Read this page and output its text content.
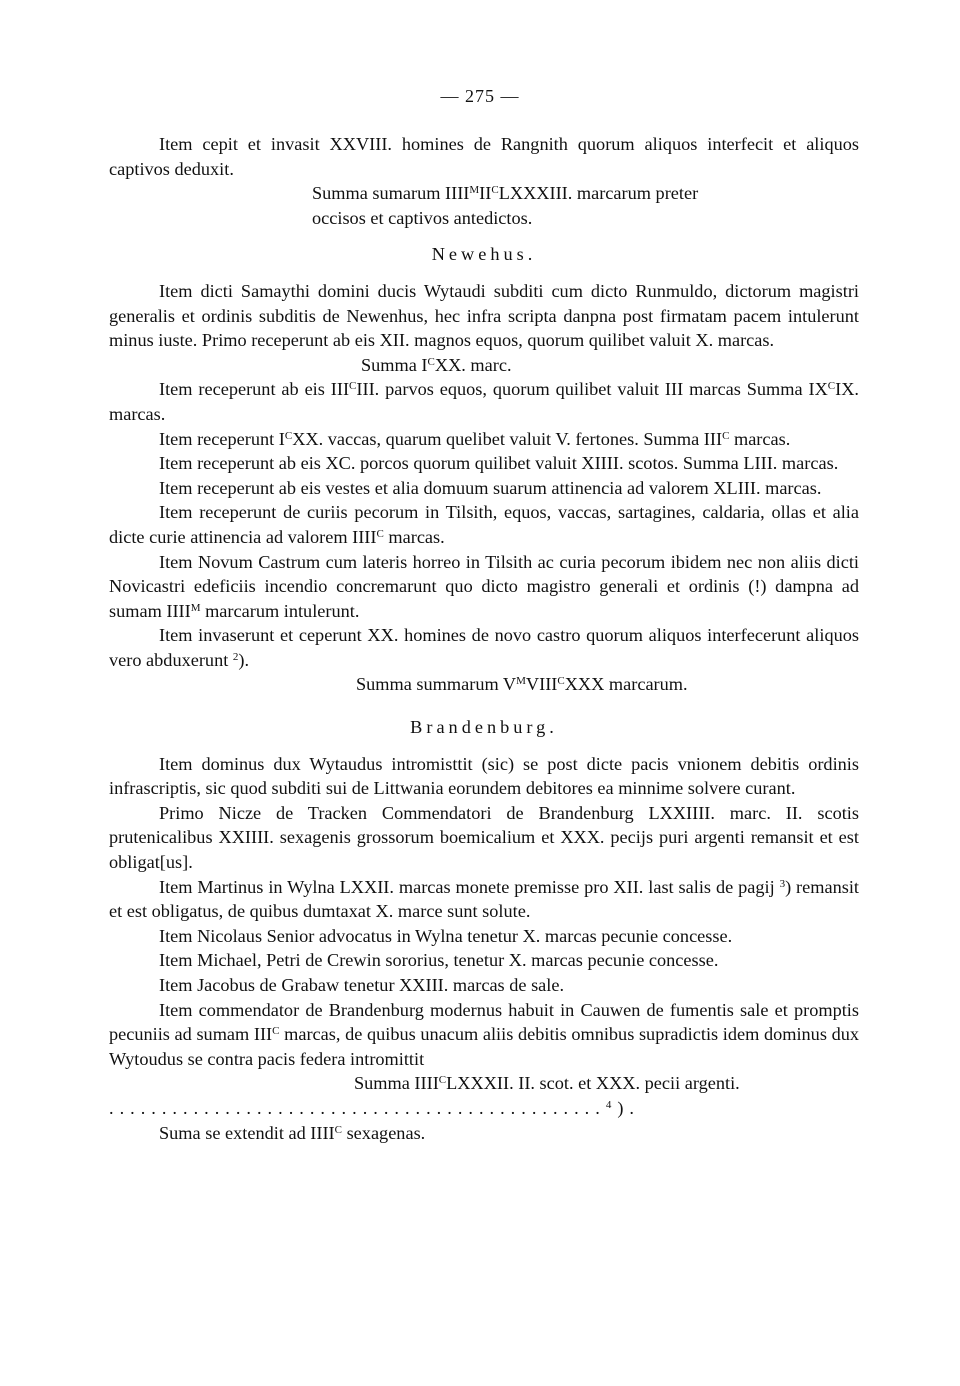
— 275 —

Item cepit et invasit XXVIII. homines de Rangnith quorum aliquos interfecit et aliquos captivos deduxit.

Summa sumarum $IIII^MII^CLXXXIII$. marcarum preter

occisos et captivos antedictos.

Newehus.

Item dicti Samaythi domini ducis Wytaudi subditi cum dicto Runmuldo, dictorum magistri generalis et ordinis subditis de Newenhus, hec infra scripta danpna post firmatam pacem intulerunt minus iuste. Primo receperunt ab eis XII. magnos equos, quorum quilibet valuit X. marcas.

Summa $I^CXX$. marc.

Item receperunt ab eis $III^CIII$. parvos equos, quorum quilibet valuit III marcas Summa $IX^CIX$. marcas.

Item receperunt $I^CXX$. vaccas, quarum quelibet valuit V. fertones. Summa $III^C$ marcas.

Item receperunt ab eis XC. porcos quorum quilibet valuit XIIII. scotos. Summa LIII. marcas.

Item receperunt ab eis vestes et alia domuum suarum attinencia ad valorem XLIII. marcas.

Item receperunt de curiis pecorum in Tilsith, equos, vaccas, sartagines, caldaria, ollas et alia dicte curie attinencia ad valorem $IIII^C$ marcas.

Item Novum Castrum cum lateris horreo in Tilsith ac curia pecorum ibidem nec non aliis dicti Novicastri edeficiis incendio concremarunt quo dicto magistro generali et ordinis (!) dampna ad sumam $IIII^M$ marcarum intulerunt.

Item invaserunt et ceperunt XX. homines de novo castro quorum aliquos interfecerunt aliquos vero abduxerunt $^2$).

Summa summarum $V^MVIII^CXXX$ marcarum.

Brandenburg.

Item dominus dux Wytaudus intromisttit (sic) se post dicte pacis vnionem debitis ordinis infrascriptis, sic quod subditi sui de Littwania eorundem debitores ea minnime solvere curant.

Primo Nicze de Tracken Commendatori de Brandenburg LXXIIII. marc. II. scotis prutenicalibus XXIIII. sexagenis grossorum boemicalium et XXX. pecijs puri argenti remansit et est obligat[us].

Item Martinus in Wylna LXXII. marcas monete premisse pro XII. last salis de pagij $^3$) remansit et est obligatus, de quibus dumtaxat X. marce sunt solute.

Item Nicolaus Senior advocatus in Wylna tenetur X. marcas pecunie concesse.

Item Michael, Petri de Crewin sororius, tenetur X. marcas pecunie concesse.

Item Jacobus de Grabaw tenetur XXIII. marcas de sale.

Item commendator de Brandenburg modernus habuit in Cauwen de fumentis sale et promptis pecuniis ad sumam $III^C$ marcas, de quibus unacum aliis debitis omnibus supradictis idem dominus dux Wytoudus se contra pacis federa intromittit

Summa $IIII^CLXXXII$. II. scot. et XXX. pecii argenti.

...............................................$^4$).

Suma se extendit ad $IIII^C$ sexagenas.
